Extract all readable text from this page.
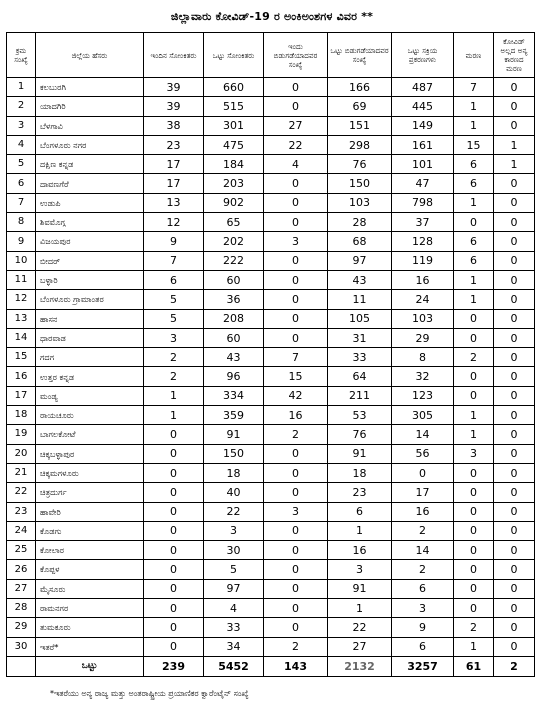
ಜಿಲ್ಲಾವಾರು ಕೋವಿಡ್-19 ರ ಅಂಕಿಅಂಶಗಳ ವಿವರ **
ಕ್ರಮ ಸಂಖ್ಯೆ	ಜಿಲ್ಲೆಯ ಹೆಸರು	ಇಂದಿನ ಸೋಂಕಿತರು	ಒಟ್ಟು ಸೋಂಕಿತರು	ಇಂದು ಬಿಡುಗಡೆಯಾದವರ ಸಂಖ್ಯೆ	ಒಟ್ಟು ಬಿಡುಗಡೆಯಾದವರ ಸಂಖ್ಯೆ	ಒಟ್ಟು ಸಕ್ರಿಯ ಪ್ರಕರಣಗಳು	ಮರಣ	ಕೋವಿಡ್ ಅಲ್ಲದ ಅನ್ಯ ಕಾರಣದ ಮರಣ
1	ಕಲಬುರಗಿ	39	660	0	166	487	7	0
2	ಯಾದಗಿರಿ	39	515	0	69	445	1	0
3	ಬೆಳಗಾವಿ	38	301	27	151	149	1	0
4	ಬೆಂಗಳೂರು ನಗರ	23	475	22	298	161	15	1
5	ದಕ್ಷಿಣ ಕನ್ನಡ	17	184	4	76	101	6	1
6	ದಾವಣಗೆರೆ	17	203	0	150	47	6	0
7	ಉಡುಪಿ	13	902	0	103	798	1	0
8	ಶಿವಮೊಗ್ಗ	12	65	0	28	37	0	0
9	ವಿಜಯಪುರ	9	202	3	68	128	6	0
10	ಬೀದರ್	7	222	0	97	119	6	0
11	ಬಳ್ಳಾರಿ	6	60	0	43	16	1	0
12	ಬೆಂಗಳೂರು ಗ್ರಾಮಾಂತರ	5	36	0	11	24	1	0
13	ಹಾಸನ	5	208	0	105	103	0	0
14	ಧಾರವಾಡ	3	60	0	31	29	0	0
15	ಗದಗ	2	43	7	33	8	2	0
16	ಉತ್ತರ ಕನ್ನಡ	2	96	15	64	32	0	0
17	ಮಂಡ್ಯ	1	334	42	211	123	0	0
18	ರಾಯಚೂರು	1	359	16	53	305	1	0
19	ಬಾಗಲಕೋಟೆ	0	91	2	76	14	1	0
20	ಚಿಕ್ಕಬಳ್ಳಾಪುರ	0	150	0	91	56	3	0
21	ಚಿಕ್ಕಮಗಳೂರು	0	18	0	18	0	0	0
22	ಚಿತ್ರದುರ್ಗ	0	40	0	23	17	0	0
23	ಹಾವೇರಿ	0	22	3	6	16	0	0
24	ಕೊಡಗು	0	3	0	1	2	0	0
25	ಕೋಲಾರ	0	30	0	16	14	0	0
26	ಕೊಪ್ಪಳ	0	5	0	3	2	0	0
27	ಮೈಸೂರು	0	97	0	91	6	0	0
28	ರಾಮನಗರ	0	4	0	1	3	0	0
29	ತುಮಕೂರು	0	33	0	22	9	2	0
30	ಇತರೆ*	0	34	2	27	6	1	0
	ಒಟ್ಟು	239	5452	143	2132	3257	61	2
*ಇತರೆಯು ಅನ್ಯ ರಾಜ್ಯ ಮತ್ತು ಅಂತರಾಷ್ಟ್ರೀಯ ಪ್ರಯಾಣಿಕರ ಕ್ವಾರೆಂಟೈನ್ ಸಂಖ್ಯೆ
